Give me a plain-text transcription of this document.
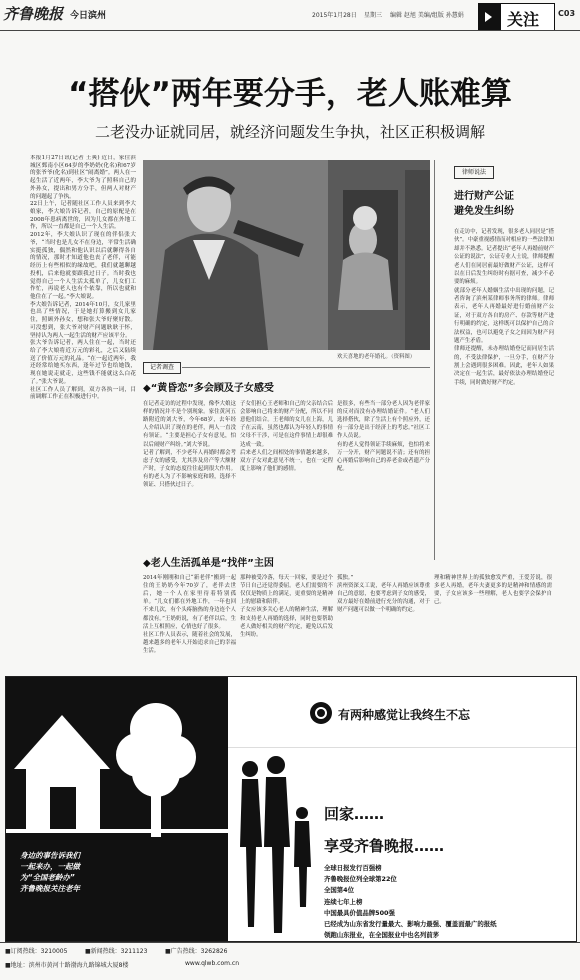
齐鲁晚报 今日滨州	2015年1月28日 星期三 编辑 赵旭 美编/组版 孙慧娟	关注 C03
“搭伙”两年要分手，老人账难算
二老没办证就同居，就经济问题发生争执，社区正积极调解
本报1月27日讯(记者 王爽) 近日，家住滨城区鄄南小区64岁的李奶奶(化名)和67岁的张爷爷(化名)到社区“闹离婚”。两人在一起生活了近两年，李大爷为了照料自己的外孙女，提出和男方分手，但两人对财产的问题起了争执。
22日上午，记者随社区工作人员来到李大娘家，李大娘告诉记者，自己的原配是在2008年患病离世的，因为儿女都在外地工作，所以一直都是自己一个人生活。
2012年，李大娘认识了现在的伴侣张大爷，“当时也是儿女不在身边，平常生活确实挺孤独，偶然和他认识以后就聊得各自的情况，那时才知道他也丧了老伴，可能经历上有些相似的缘故吧，我们就越聊越投机，后来他就要跟我过日子。当时我也觉得自己一个人生活太孤单了，儿女们工作忙，再说老人也有个依靠，所以也就和他住在了一起。”李大娘说。
李大娘告诉记者，2014年10月，女儿家里也出了些情况，于是她打算搬到女儿家住，照顾外孙女，想和张大爷好聚好散。可没想到，张大爷对财产问题耿耿于怀，坚持认为两人一起生活的财产应该平分。
张大爷告诉记者，两人住在一起，当时还给了李大娘将近万元的彩礼，之后又陆续送了价值万元的礼品。“在一起近两年，我还经常给她买东西，逢年过节也给她钱，现在她说走就走，这些钱不能就这么白花了。”张大爷说。
社区工作人员了解到，双方各执一词，目前调解工作正在积极进行中。
欢天喜地的老年婚礼。（资料图）
记者调查
◆“黄昏恋”多会顾及子女感受
在记者走访的过程中发现，像李大娘这样的情况并不是个别现象。家住黄河五路附近的刘大爷，今年68岁，去年经人介绍认识了现在的老伴，两人一直没有领证。“主要是担心子女有意见，怕以后闹财产纠纷。”刘大爷说。
记者了解到，不少老年人再婚时都会考虑子女的感受，尤其涉及房产等大额财产时，子女的态度往往起到很大作用。有的老人为了不影响家庭和睦，选择不领证、只搭伙过日子。
子女们担心王老师和自己的父亲结合后会影响自己将来的财产分配，所以不同意他们结合。王老师的女儿在上海，儿子在云南，虽然也都认为年轻人的事情父母不干涉，可是在这件事情上却很难达成一致。
后来老人们之间相处的事情越来越多，双方子女对此意见不统一，也在一定程度上影响了他们的感情。
是很多，有些当一部分老人因为老伴家的反对而没有办理结婚证件。“老人们选择搭伙，除了生活上有个照应外，还有一部分是出于经济上的考虑。”社区工作人员说。
有的老人觉得领证手续麻烦，也怕将来万一分开，财产问题说不清；还有的担心再婚后影响自己的养老金或者遗产分配。
◆老人生活孤单是“找伴”主因
2014年刚刚和自己“新老伴”搬到一起住的王奶奶今年70岁了，老伴去世后，她一个人在家里待着特别孤单。“儿女们都在外地工作，一年也回不来几次，有个头疼脑热的身边连个人都没有。”王奶奶说，有了老伴以后，生活上互相照应，心情也好了很多。
社区工作人员表示，随着社会的发展，越来越多的老年人开始追求自己的幸福生活。
那种被受冷落，每天一回家，要是过个节日自己还觉得委屈。老人们需要的不仅仅是物质上的满足，更重要的是精神上的慰藉和陪伴。
子女应该多关心老人的精神生活，理解和支持老人再婚的选择，同时也要帮助老人做好相关的财产约定，避免以后发生纠纷。
孤独。”
滨州资深义工说，老年人再婚应该尊重自己的意愿，也要考虑到子女的感受，双方最好在婚前进行充分的沟通，对于财产问题可以做一个明确的约定。
理和精神世界上的孤独愈发严重，王爱芳说，很多老人再婚，老年夫妻更多的是精神和情感的需要，子女应该多一些理解，老人也要学会保护自己。
律师说法
进行财产公证
避免发生纠纷
在走访中，记者发现，很多老人同居是“搭伙”。中豪重视感情而对相应的一些法律知却并不熟悉。记者提出“老年人再婚前财产公证的说法”，公证专业人士说，律师提醒老人们在同居前最好做财产公证，这样可以在日后发生纠纷时有据可查，减少不必要的麻烦。
就部分老年人婚姻生活中出现的问题，记者咨询了滨州某律师事务所的律师。律师表示，老年人再婚最好进行婚前财产公证，对于双方各自的房产、存款等财产进行明确的约定，这样既可以保护自己的合法权益，也可以避免子女之间因为财产问题产生矛盾。
律师还提醒，未办理结婚登记而同居生活的，不受法律保护，一旦分手，在财产分割上会遇到很多困难。因此，老年人如果决定在一起生活，最好依法办理结婚登记手续，同时做好财产约定。
身边的事告诉我们
一起来办，一起做
为“全国老龄办”
齐鲁晚报关注老年
有两种感觉让我终生不忘
回家……
享受齐鲁晚报……
全球日报发行百强榜
齐鲁晚报位列全球第22位
全国第4位
连续七年上榜
中国最具价值品牌500强
已经成为山东省发行量最大、影响力最强、覆盖面最广的报纸
领跑山东报业，在全国报业中也名列前茅
■订阅热线：3210005	■新闻热线：3211123	■广告热线：3262826
■地址：滨州市黄河十路渤海九路锦城大厦8楼	www.qlwb.com.cn
